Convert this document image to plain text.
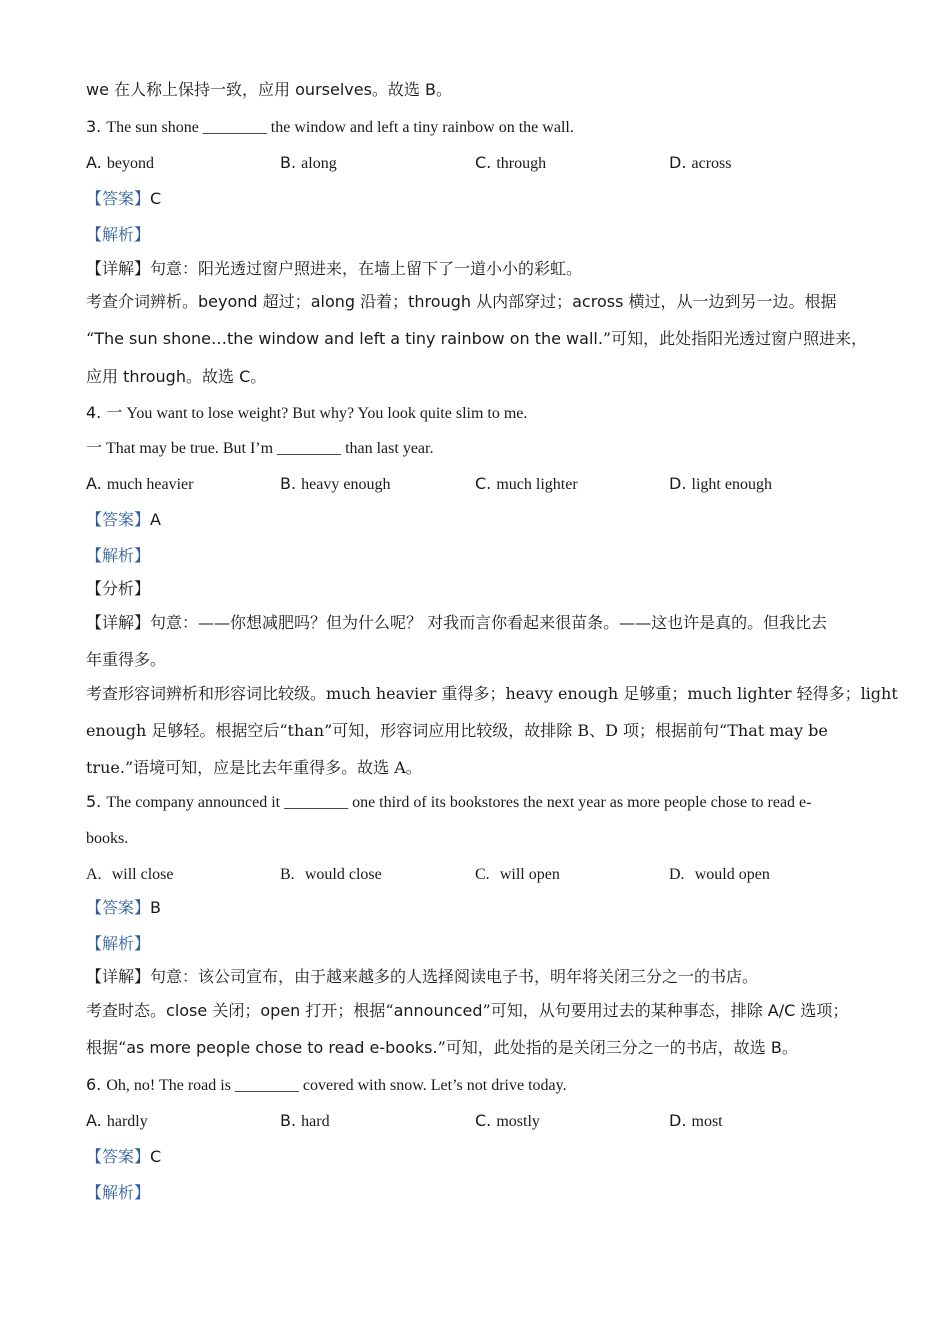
we 在人称上保持一致，应用 ourselves。故选 B。
3. The sun shone ________ the window and left a tiny rainbow on the wall.
A. beyond	B. along	C. through	D. across
【答案】C
【解析】
【详解】句意：阳光透过窗户照进来，在墙上留下了一道小小的彩虹。
考查介词辨析。beyond 超过；along 沿着；through 从内部穿过；across 横过，从一边到另一边。根据
“The sun shone…the window and left a tiny rainbow on the wall.”可知，此处指阳光透过窗户照进来，
应用 through。故选 C。
4. 一 You want to lose weight? But why? You look quite slim to me.
一 That may be true. But I’m ________ than last year.
A. much heavier	B. heavy enough	C. much lighter	D. light enough
【答案】A
【解析】
【分析】
【详解】句意：——你想减肥吗？但为什么呢？ 对我而言你看起来很苗条。——这也许是真的。但我比去
年重得多。
考查形容词辨析和形容词比较级。much heavier 重得多；heavy enough 足够重；much lighter 轻得多；light
enough 足够轻。根据空后“than”可知，形容词应用比较级，故排除 B、D 项；根据前句“That may be
true.”语境可知，应是比去年重得多。故选 A。
5. The company announced it ________ one third of its bookstores the next year as more people chose to read e-
books.
A. will close	B. would close	C. will open	D. would open
【答案】B
【解析】
【详解】句意：该公司宣布，由于越来越多的人选择阅读电子书，明年将关闭三分之一的书店。
考查时态。close 关闭；open 打开；根据“announced”可知，从句要用过去的某种事态，排除 A/C 选项；
根据“as more people chose to read e-books.”可知，此处指的是关闭三分之一的书店，故选 B。
6. Oh, no! The road is ________ covered with snow. Let’s not drive today.
A. hardly	B. hard	C. mostly	D. most
【答案】C
【解析】
